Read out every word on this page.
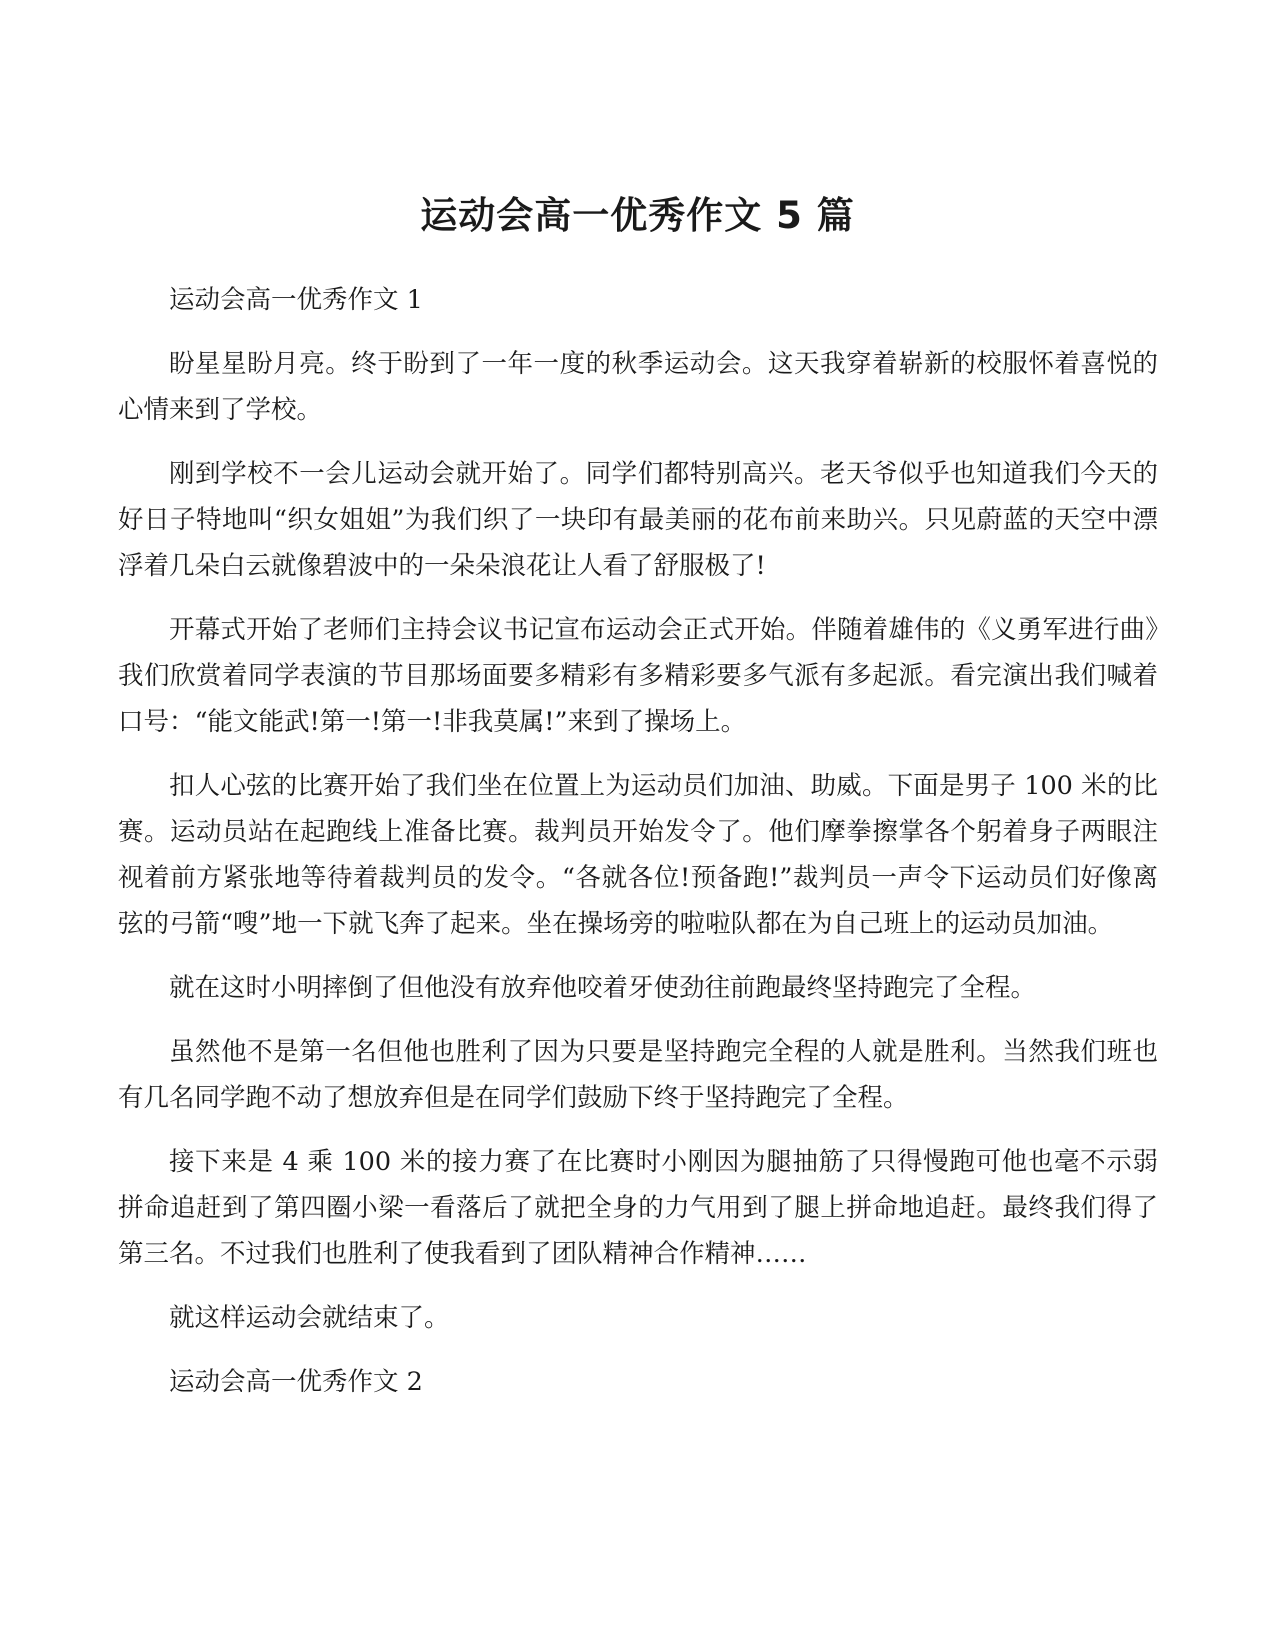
运动会高一优秀作文 5 篇

运动会高一优秀作文 1

盼星星盼月亮。终于盼到了一年一度的秋季运动会。这天我穿着崭新的校服怀着喜悦的心情来到了学校。

刚到学校不一会儿运动会就开始了。同学们都特别高兴。老天爷似乎也知道我们今天的好日子特地叫“织女姐姐”为我们织了一块印有最美丽的花布前来助兴。只见蔚蓝的天空中漂浮着几朵白云就像碧波中的一朵朵浪花让人看了舒服极了!

开幕式开始了老师们主持会议书记宣布运动会正式开始。伴随着雄伟的《义勇军进行曲》我们欣赏着同学表演的节目那场面要多精彩有多精彩要多气派有多起派。看完演出我们喊着口号：“能文能武!第一!第一!非我莫属!”来到了操场上。

扣人心弦的比赛开始了我们坐在位置上为运动员们加油、助威。下面是男子 100 米的比赛。运动员站在起跑线上准备比赛。裁判员开始发令了。他们摩拳擦掌各个躬着身子两眼注视着前方紧张地等待着裁判员的发令。“各就各位!预备跑!”裁判员一声令下运动员们好像离弦的弓箭“嗖”地一下就飞奔了起来。坐在操场旁的啦啦队都在为自己班上的运动员加油。

就在这时小明摔倒了但他没有放弃他咬着牙使劲往前跑最终坚持跑完了全程。

虽然他不是第一名但他也胜利了因为只要是坚持跑完全程的人就是胜利。当然我们班也有几名同学跑不动了想放弃但是在同学们鼓励下终于坚持跑完了全程。

接下来是 4 乘 100 米的接力赛了在比赛时小刚因为腿抽筋了只得慢跑可他也毫不示弱拼命追赶到了第四圈小梁一看落后了就把全身的力气用到了腿上拼命地追赶。最终我们得了第三名。不过我们也胜利了使我看到了团队精神合作精神……

就这样运动会就结束了。

运动会高一优秀作文 2
